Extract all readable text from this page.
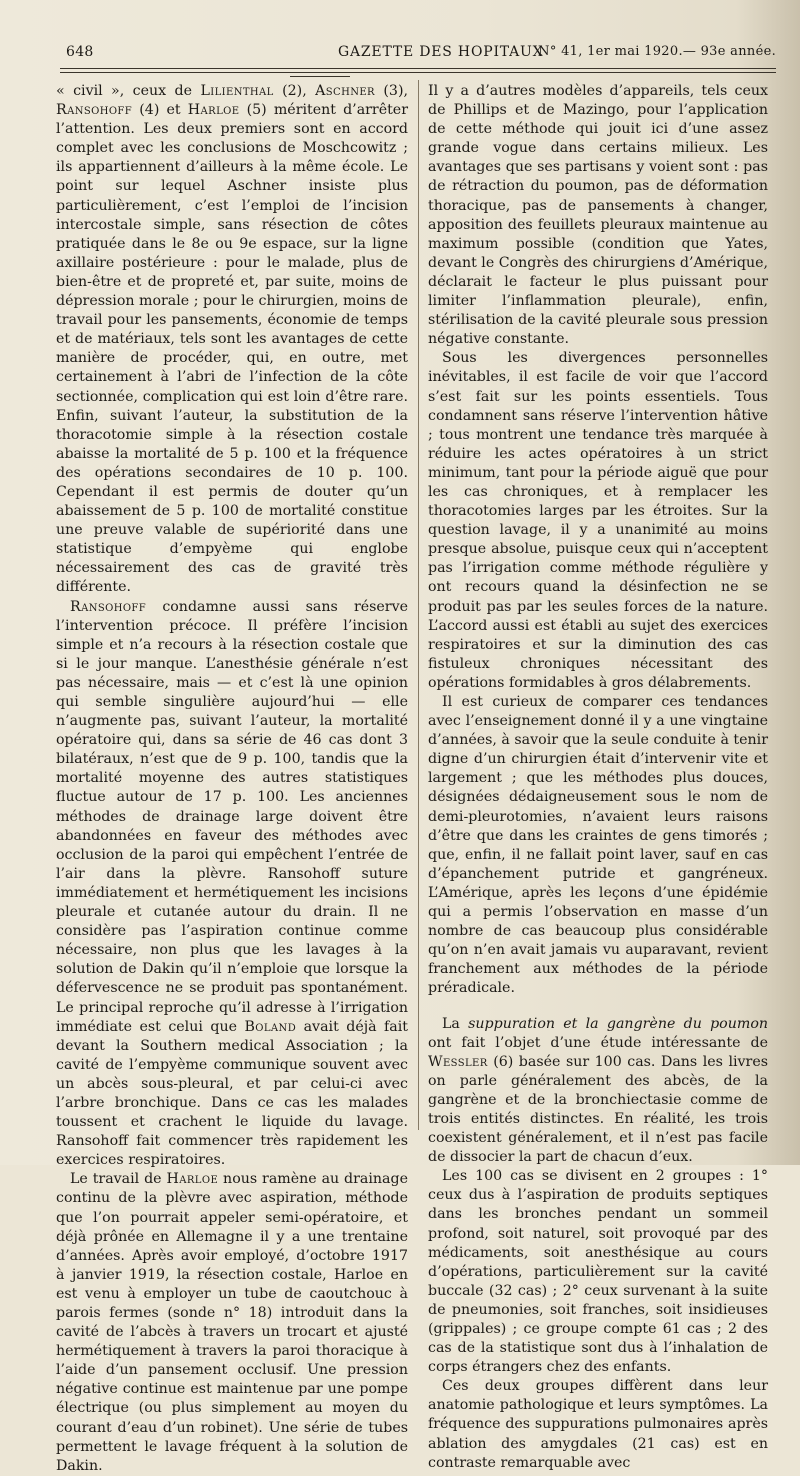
648	GAZETTE DES HOPITAUX
N° 41, 1er mai 1920.— 93e année.

« civil », ceux de Lilienthal (2), Aschner (3), Ransohoff (4) et Harloe (5) méritent d’arrêter l’attention. Les deux premiers sont en accord complet avec les conclusions de Moschcowitz ; ils appartiennent d’ailleurs à la même école. Le point sur lequel Aschner insiste plus particulièrement, c’est l’emploi de l’incision intercostale simple, sans résection de côtes pratiquée dans le 8e ou 9e espace, sur la ligne axillaire postérieure : pour le malade, plus de bien-être et de propreté et, par suite, moins de dépression morale ; pour le chirurgien, moins de travail pour les pansements, économie de temps et de matériaux, tels sont les avantages de cette manière de procéder, qui, en outre, met certainement à l’abri de l’infection de la côte sectionnée, complication qui est loin d’être rare. Enfin, suivant l’auteur, la substitution de la thoracotomie simple à la résection costale abaisse la mortalité de 5 p. 100 et la fréquence des opérations secondaires de 10 p. 100. Cependant il est permis de douter qu’un abaissement de 5 p. 100 de mortalité constitue une preuve valable de supériorité dans une statistique d’empyème qui englobe nécessairement des cas de gravité très différente.

Ransohoff condamne aussi sans réserve l’intervention précoce. Il préfère l’incision simple et n’a recours à la résection costale que si le jour manque. L’anesthésie générale n’est pas nécessaire, mais — et c’est là une opinion qui semble singulière aujourd’hui — elle n’augmente pas, suivant l’auteur, la mortalité opératoire qui, dans sa série de 46 cas dont 3 bilatéraux, n’est que de 9 p. 100, tandis que la mortalité moyenne des autres statistiques fluctue autour de 17 p. 100. Les anciennes méthodes de drainage large doivent être abandonnées en faveur des méthodes avec occlusion de la paroi qui empêchent l’entrée de l’air dans la plèvre. Ransohoff suture immédiatement et hermétiquement les incisions pleurale et cutanée autour du drain. Il ne considère pas l’aspiration continue comme nécessaire, non plus que les lavages à la solution de Dakin qu’il n’emploie que lorsque la défervescence ne se produit pas spontanément. Le principal reproche qu’il adresse à l’irrigation immédiate est celui que Boland avait déjà fait devant la Southern medical Association ; la cavité de l’empyème communique souvent avec un abcès sous-pleural, et par celui-ci avec l’arbre bronchique. Dans ce cas les malades toussent et crachent le liquide du lavage. Ransohoff fait commencer très rapidement les exercices respiratoires.

Le travail de Harloe nous ramène au drainage continu de la plèvre avec aspiration, méthode que l’on pourrait appeler semi-opératoire, et déjà prônée en Allemagne il y a une trentaine d’années. Après avoir employé, d’octobre 1917 à janvier 1919, la résection costale, Harloe en est venu à employer un tube de caoutchouc à parois fermes (sonde n° 18) introduit dans la cavité de l’abcès à travers un trocart et ajusté hermétiquement à travers la paroi thoracique à l’aide d’un pansement occlusif. Une pression négative continue est maintenue par une pompe électrique (ou plus simplement au moyen du courant d’eau d’un robinet). Une série de tubes permettent le lavage fréquent à la solution de Dakin.

Il y a d’autres modèles d’appareils, tels ceux de Phillips et de Mazingo, pour l’application de cette méthode qui jouit ici d’une assez grande vogue dans certains milieux. Les avantages que ses partisans y voient sont : pas de rétraction du poumon, pas de déformation thoracique, pas de pansements à changer, apposition des feuillets pleuraux maintenue au maximum possible (condition que Yates, devant le Congrès des chirurgiens d’Amérique, déclarait le facteur le plus puissant pour limiter l’inflammation pleurale), enfin, stérilisation de la cavité pleurale sous pression négative constante.

Sous les divergences personnelles inévitables, il est facile de voir que l’accord s’est fait sur les points essentiels. Tous condamnent sans réserve l’intervention hâtive ; tous montrent une tendance très marquée à réduire les actes opératoires à un strict minimum, tant pour la période aiguë que pour les cas chroniques, et à remplacer les thoracotomies larges par les étroites. Sur la question lavage, il y a unanimité au moins presque absolue, puisque ceux qui n’acceptent pas l’irrigation comme méthode régulière y ont recours quand la désinfection ne se produit pas par les seules forces de la nature. L’accord aussi est établi au sujet des exercices respiratoires et sur la diminution des cas fistuleux chroniques nécessitant des opérations formidables à gros délabrements.

Il est curieux de comparer ces tendances avec l’enseignement donné il y a une vingtaine d’années, à savoir que la seule conduite à tenir digne d’un chirurgien était d’intervenir vite et largement ; que les méthodes plus douces, désignées dédaigneusement sous le nom de demi-pleurotomies, n’avaient leurs raisons d’être que dans les craintes de gens timorés ; que, enfin, il ne fallait point laver, sauf en cas d’épanchement putride et gangréneux. L’Amérique, après les leçons d’une épidémie qui a permis l’observation en masse d’un nombre de cas beaucoup plus considérable qu’on n’en avait jamais vu auparavant, revient franchement aux méthodes de la période préradicale.

La suppuration et la gangrène du poumon ont fait l’objet d’une étude intéressante de Wessler (6) basée sur 100 cas. Dans les livres on parle généralement des abcès, de la gangrène et de la bronchiectasie comme de trois entités distinctes. En réalité, les trois coexistent généralement, et il n’est pas facile de dissocier la part de chacun d’eux.

Les 100 cas se divisent en 2 groupes : 1° ceux dus à l’aspiration de produits septiques dans les bronches pendant un sommeil profond, soit naturel, soit provoqué par des médicaments, soit anesthésique au cours d’opérations, particulièrement sur la cavité buccale (32 cas) ; 2° ceux survenant à la suite de pneumonies, soit franches, soit insidieuses (grippales) ; ce groupe compte 61 cas ; 2 des cas de la statistique sont dus à l’inhalation de corps étrangers chez des enfants.

Ces deux groupes diffèrent dans leur anatomie pathologique et leurs symptômes. La fréquence des suppurations pulmonaires après ablation des amygdales (21 cas) est en contraste remarquable avec
